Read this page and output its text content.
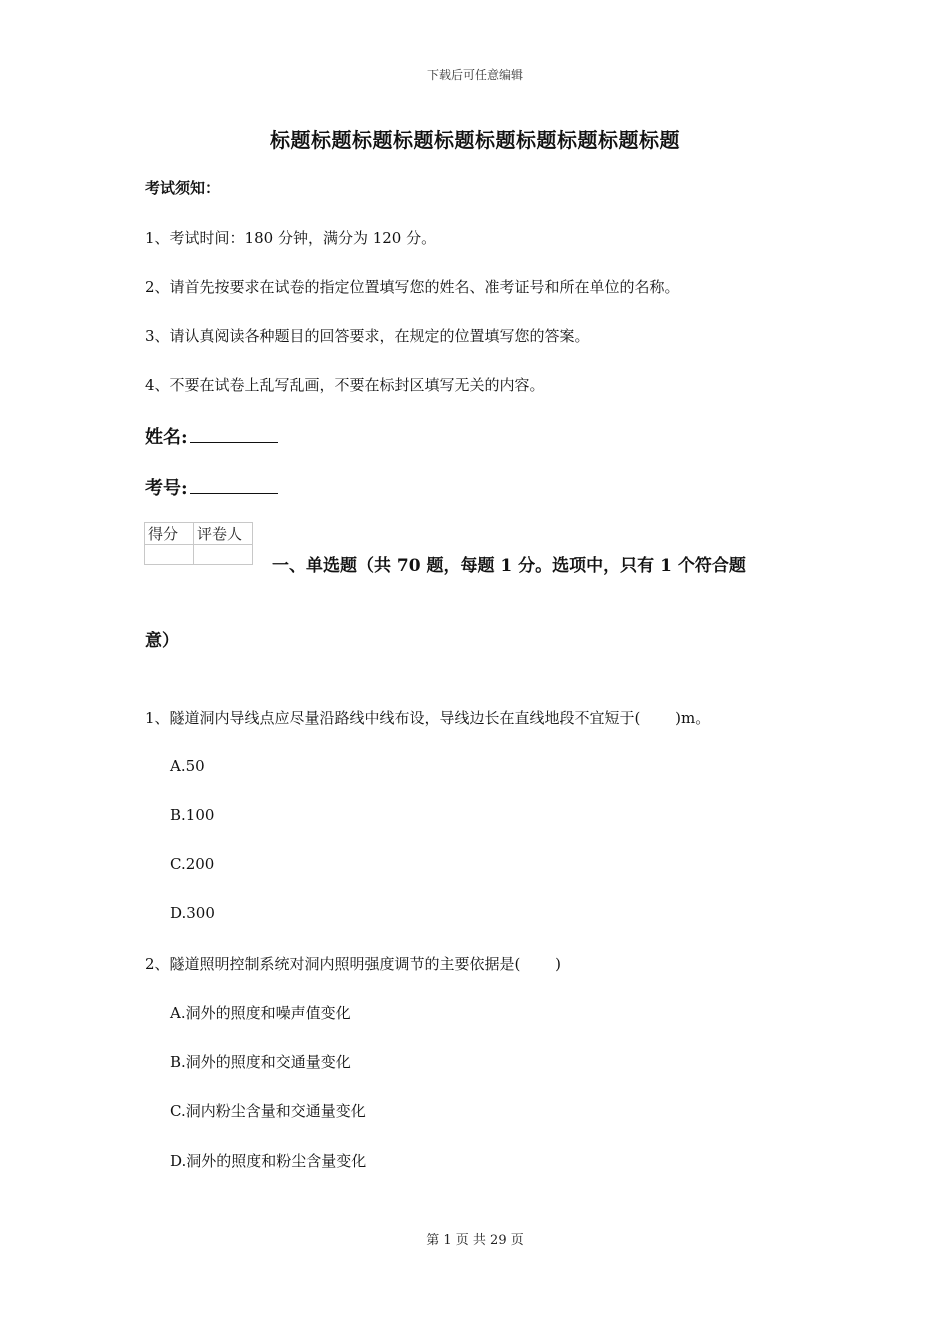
下载后可任意编辑
标题标题标题标题标题标题标题标题标题标题
考试须知：
1、考试时间：180 分钟，满分为 120 分。
2、请首先按要求在试卷的指定位置填写您的姓名、准考证号和所在单位的名称。
3、请认真阅读各种题目的回答要求，在规定的位置填写您的答案。
4、不要在试卷上乱写乱画，不要在标封区填写无关的内容。
姓名:
考号:
得分	评卷人

一、单选题（共 70 题，每题 1 分。选项中，只有 1 个符合题
意）
1、隧道洞内导线点应尽量沿路线中线布设，导线边长在直线地段不宜短于(　　 )m。
A.50
B.100
C.200
D.300
2、隧道照明控制系统对洞内照明强度调节的主要依据是(　　 )
A.洞外的照度和噪声值变化
B.洞外的照度和交通量变化
C.洞内粉尘含量和交通量变化
D.洞外的照度和粉尘含量变化
第 1 页 共 29 页
